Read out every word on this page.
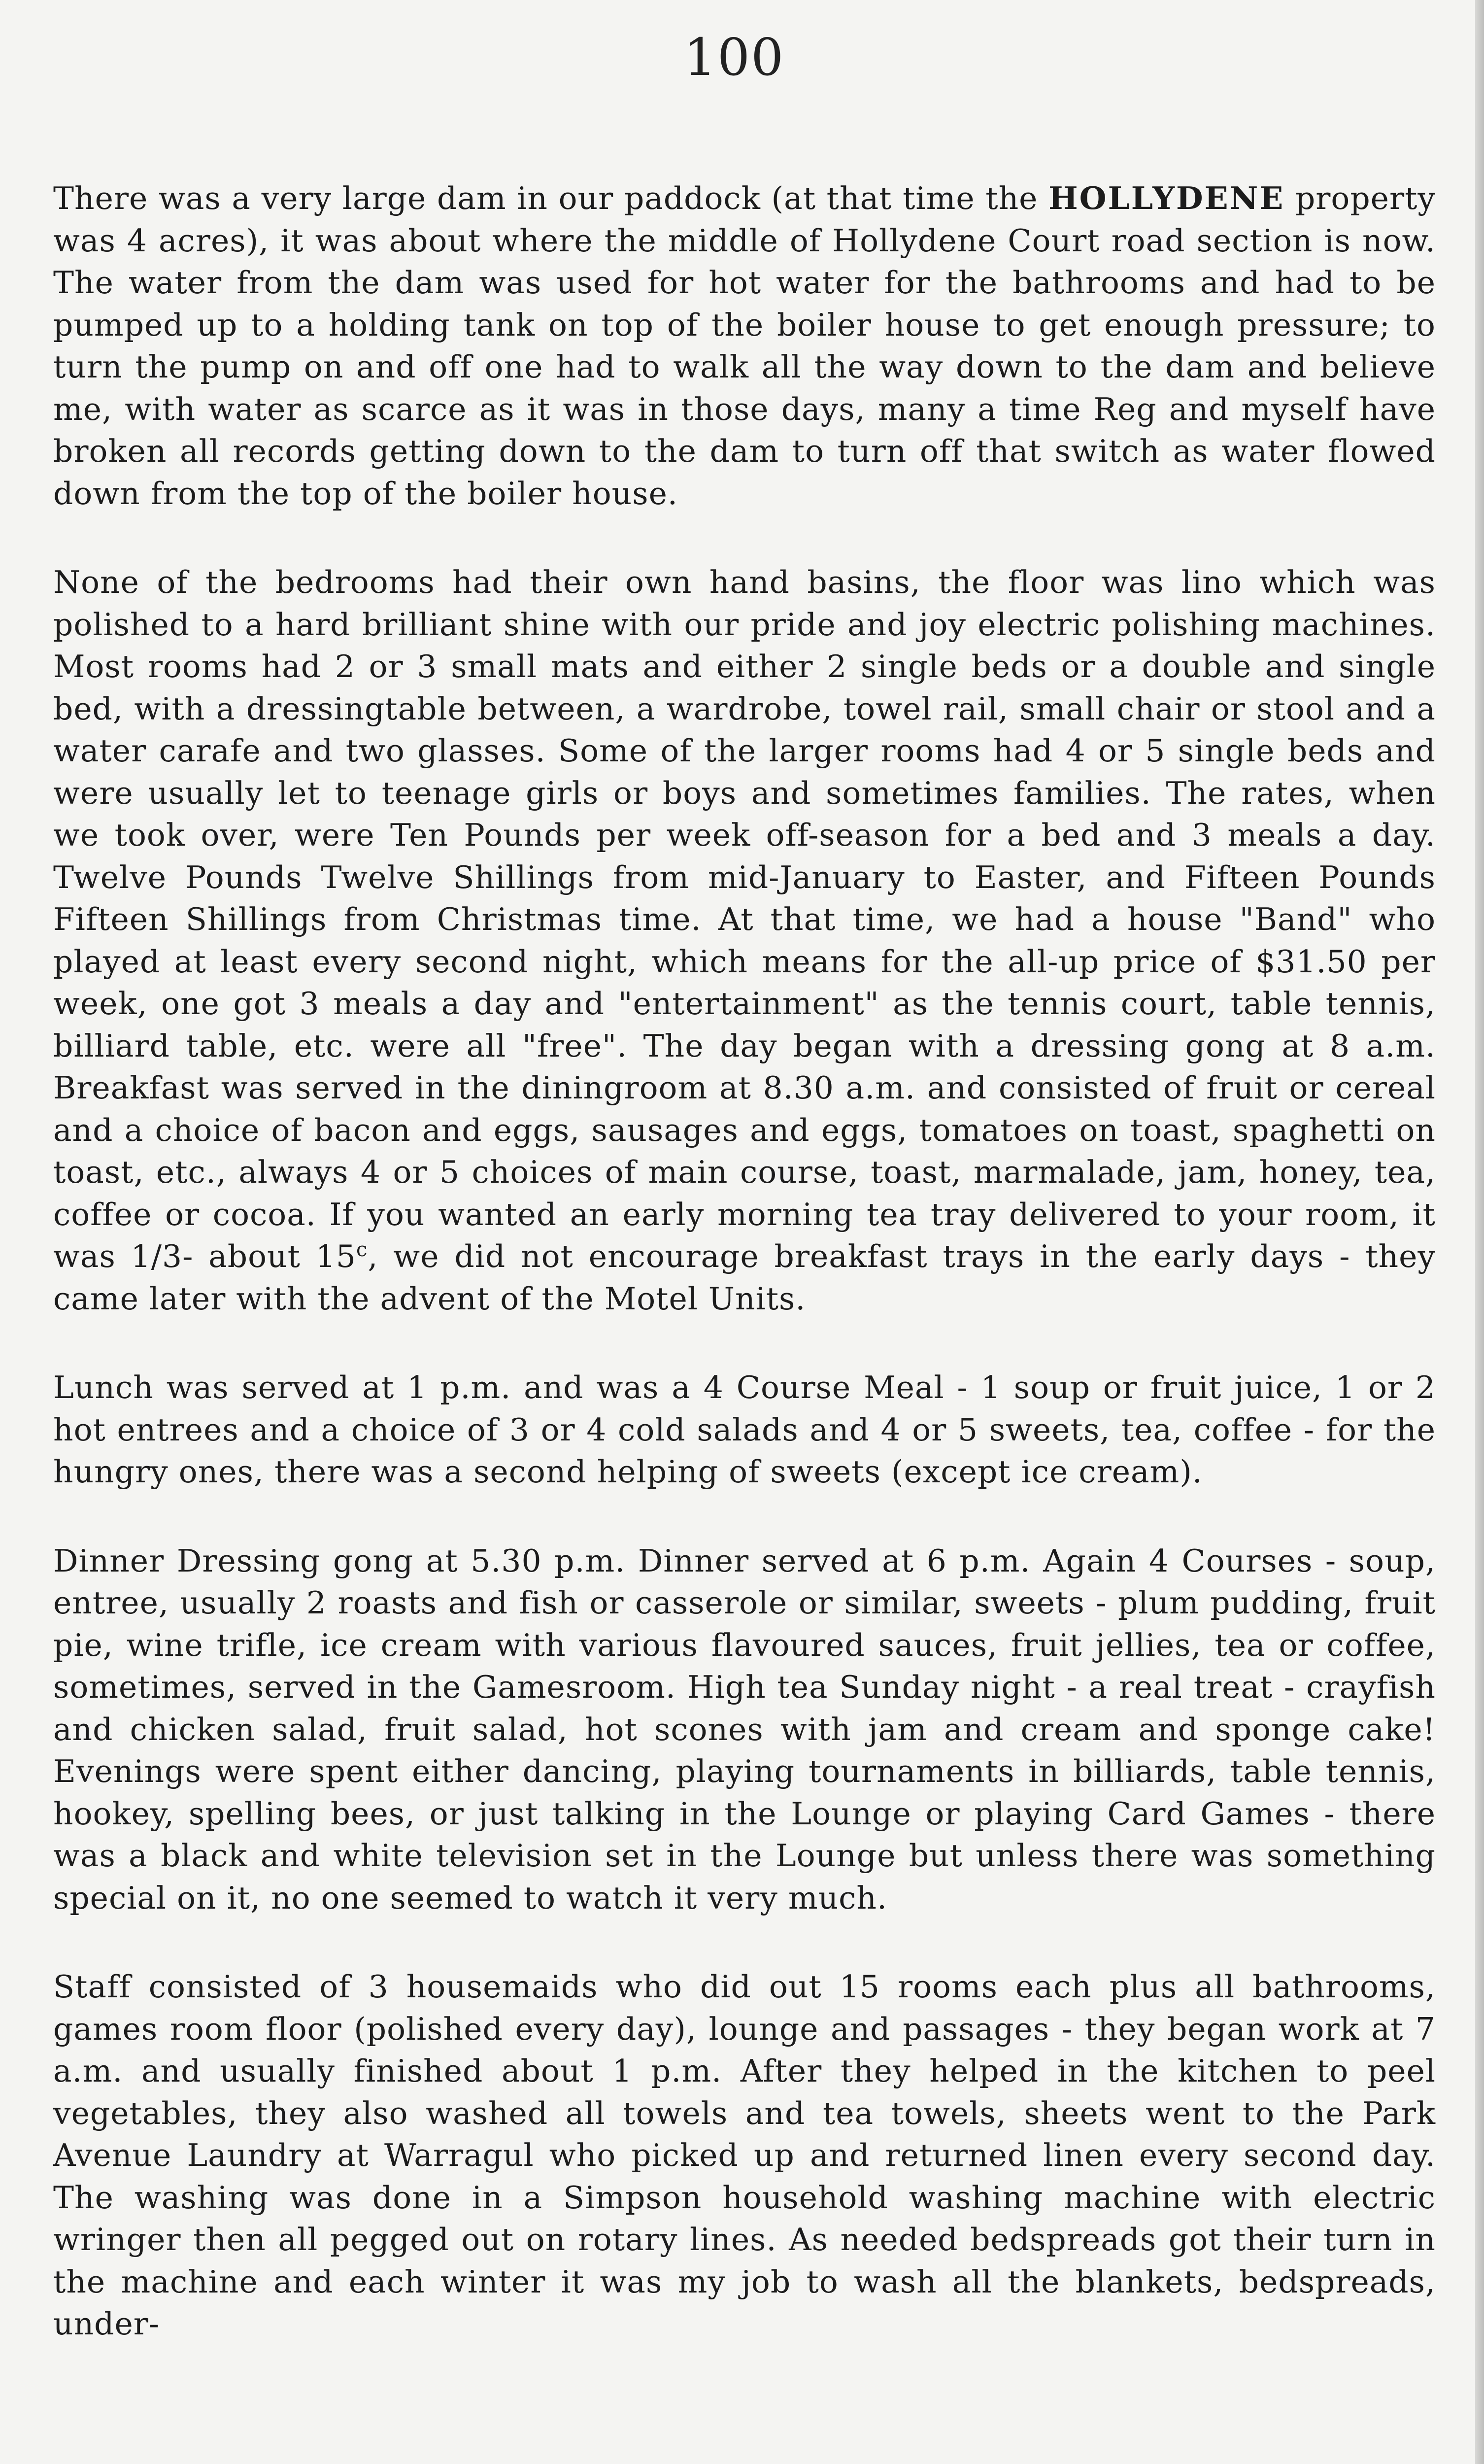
100

There was a very large dam in our paddock (at that time the HOLLYDENE property was 4 acres), it was about where the middle of Hollydene Court road section is now. The water from the dam was used for hot water for the bathrooms and had to be pumped up to a holding tank on top of the boiler house to get enough pressure; to turn the pump on and off one had to walk all the way down to the dam and believe me, with water as scarce as it was in those days, many a time Reg and myself have broken all records getting down to the dam to turn off that switch as water flowed down from the top of the boiler house.

None of the bedrooms had their own hand basins, the floor was lino which was polished to a hard brilliant shine with our pride and joy electric polishing machines. Most rooms had 2 or 3 small mats and either 2 single beds or a double and single bed, with a dressingtable between, a wardrobe, towel rail, small chair or stool and a water carafe and two glasses. Some of the larger rooms had 4 or 5 single beds and were usually let to teenage girls or boys and sometimes families. The rates, when we took over, were Ten Pounds per week off-season for a bed and 3 meals a day. Twelve Pounds Twelve Shillings from mid-January to Easter, and Fifteen Pounds Fifteen Shillings from Christmas time. At that time, we had a house "Band" who played at least every second night, which means for the all-up price of $31.50 per week, one got 3 meals a day and "entertainment" as the tennis court, table tennis, billiard table, etc. were all "free". The day began with a dressing gong at 8 a.m. Breakfast was served in the diningroom at 8.30 a.m. and consisted of fruit or cereal and a choice of bacon and eggs, sausages and eggs, tomatoes on toast, spaghetti on toast, etc., always 4 or 5 choices of main course, toast, marmalade, jam, honey, tea, coffee or cocoa. If you wanted an early morning tea tray delivered to your room, it was 1/3- about 15$^c$, we did not encourage breakfast trays in the early days - they came later with the advent of the Motel Units.

Lunch was served at 1 p.m. and was a 4 Course Meal - 1 soup or fruit juice, 1 or 2 hot entrees and a choice of 3 or 4 cold salads and 4 or 5 sweets, tea, coffee - for the hungry ones, there was a second helping of sweets (except ice cream).

Dinner Dressing gong at 5.30 p.m. Dinner served at 6 p.m. Again 4 Courses - soup, entree, usually 2 roasts and fish or casserole or similar, sweets - plum pudding, fruit pie, wine trifle, ice cream with various flavoured sauces, fruit jellies, tea or coffee, sometimes, served in the Gamesroom. High tea Sunday night - a real treat - crayfish and chicken salad, fruit salad, hot scones with jam and cream and sponge cake! Evenings were spent either dancing, playing tournaments in billiards, table tennis, hookey, spelling bees, or just talking in the Lounge or playing Card Games - there was a black and white television set in the Lounge but unless there was something special on it, no one seemed to watch it very much.

Staff consisted of 3 housemaids who did out 15 rooms each plus all bathrooms, games room floor (polished every day), lounge and passages - they began work at 7 a.m. and usually finished about 1 p.m. After they helped in the kitchen to peel vegetables, they also washed all towels and tea towels, sheets went to the Park Avenue Laundry at Warragul who picked up and returned linen every second day. The washing was done in a Simpson household washing machine with electric wringer then all pegged out on rotary lines. As needed bedspreads got their turn in the machine and each winter it was my job to wash all the blankets, bedspreads, under-
